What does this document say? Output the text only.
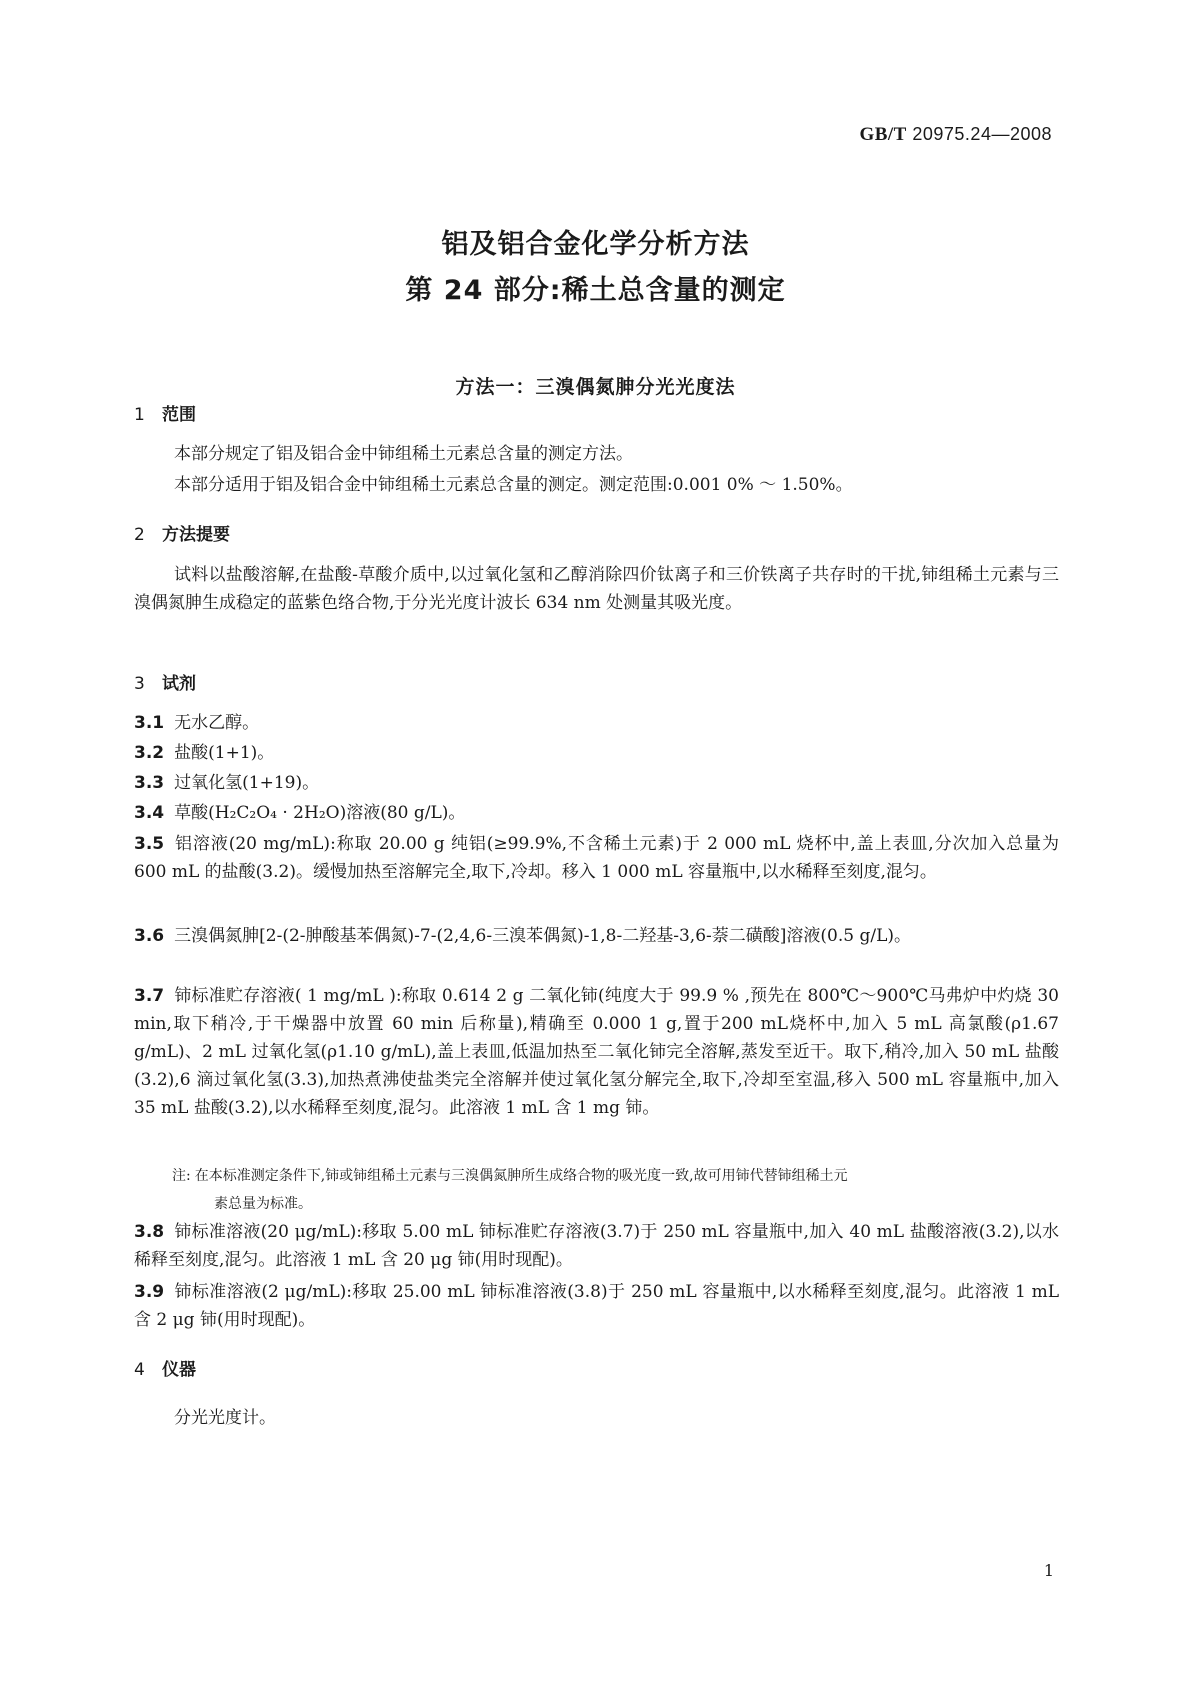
GB/T 20975.24—2008
铝及铝合金化学分析方法
第 24 部分:稀土总含量的测定
方法一：三溴偶氮胂分光光度法
1 范围
本部分规定了铝及铝合金中铈组稀土元素总含量的测定方法。
本部分适用于铝及铝合金中铈组稀土元素总含量的测定。测定范围:0.001 0% ～ 1.50%。
2 方法提要
试料以盐酸溶解,在盐酸-草酸介质中,以过氧化氢和乙醇消除四价钛离子和三价铁离子共存时的干扰,铈组稀土元素与三溴偶氮胂生成稳定的蓝紫色络合物,于分光光度计波长 634 nm 处测量其吸光度。
3 试剂
3.1 无水乙醇。
3.2 盐酸(1+1)。
3.3 过氧化氢(1+19)。
3.4 草酸(H₂C₂O₄ · 2H₂O)溶液(80 g/L)。
3.5 铝溶液(20 mg/mL):称取 20.00 g 纯铝(≥99.9%,不含稀土元素)于 2 000 mL 烧杯中,盖上表皿,分次加入总量为 600 mL 的盐酸(3.2)。缓慢加热至溶解完全,取下,冷却。移入 1 000 mL 容量瓶中,以水稀释至刻度,混匀。
3.6 三溴偶氮胂[2-(2-胂酸基苯偶氮)-7-(2,4,6-三溴苯偶氮)-1,8-二羟基-3,6-萘二磺酸]溶液(0.5 g/L)。
3.7 铈标准贮存溶液( 1 mg/mL ):称取 0.614 2 g 二氧化铈(纯度大于 99.9 % ,预先在 800℃～900℃马弗炉中灼烧 30 min,取下稍冷,于干燥器中放置 60 min 后称量),精确至 0.000 1 g,置于200 mL烧杯中,加入 5 mL 高氯酸(ρ1.67 g/mL)、2 mL 过氧化氢(ρ1.10 g/mL),盖上表皿,低温加热至二氧化铈完全溶解,蒸发至近干。取下,稍冷,加入 50 mL 盐酸(3.2),6 滴过氧化氢(3.3),加热煮沸使盐类完全溶解并使过氧化氢分解完全,取下,冷却至室温,移入 500 mL 容量瓶中,加入 35 mL 盐酸(3.2),以水稀释至刻度,混匀。此溶液 1 mL 含 1 mg 铈。
注: 在本标准测定条件下,铈或铈组稀土元素与三溴偶氮胂所生成络合物的吸光度一致,故可用铈代替铈组稀土元
素总量为标准。
3.8 铈标准溶液(20 μg/mL):移取 5.00 mL 铈标准贮存溶液(3.7)于 250 mL 容量瓶中,加入 40 mL 盐酸溶液(3.2),以水稀释至刻度,混匀。此溶液 1 mL 含 20 μg 铈(用时现配)。
3.9 铈标准溶液(2 μg/mL):移取 25.00 mL 铈标准溶液(3.8)于 250 mL 容量瓶中,以水稀释至刻度,混匀。此溶液 1 mL 含 2 μg 铈(用时现配)。
4 仪器
分光光度计。
1
